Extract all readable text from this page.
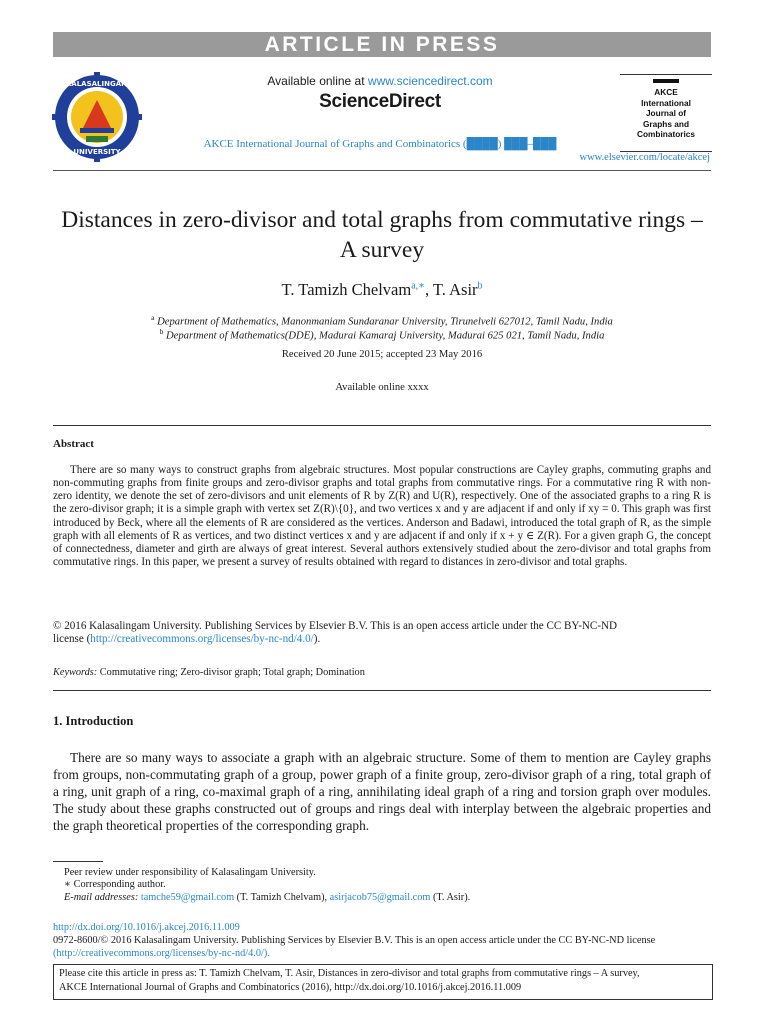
ARTICLE IN PRESS
KALASALINGAM
UNIVERSITY
Available online at www.sciencedirect.com
ScienceDirect
AKCE International Journal of Graphs and Combinatorics (████) ███–███
AKCE
International
Journal of
Graphs and
Combinatorics
www.elsevier.com/locate/akcej
Distances in zero-divisor and total graphs from commutative rings –
A survey
T. Tamizh Chelvam$^{a,∗}$, T. Asir$^b$
$^a$ Department of Mathematics, Manonmaniam Sundaranar University, Tirunelveli 627012, Tamil Nadu, India
$^b$ Department of Mathematics(DDE), Madurai Kamaraj University, Madurai 625 021, Tamil Nadu, India
Received 20 June 2015; accepted 23 May 2016
Available online xxxx
Abstract

There are so many ways to construct graphs from algebraic structures. Most popular constructions are Cayley graphs, commuting graphs and non-commuting graphs from finite groups and zero-divisor graphs and total graphs from commutative rings. For a commutative ring R with non-zero identity, we denote the set of zero-divisors and unit elements of R by Z(R) and U(R), respectively. One of the associated graphs to a ring R is the zero-divisor graph; it is a simple graph with vertex set Z(R)\{0}, and two vertices x and y are adjacent if and only if xy = 0. This graph was first introduced by Beck, where all the elements of R are considered as the vertices. Anderson and Badawi, introduced the total graph of R, as the simple graph with all elements of R as vertices, and two distinct vertices x and y are adjacent if and only if x + y ∈ Z(R). For a given graph G, the concept of connectedness, diameter and girth are always of great interest. Several authors extensively studied about the zero-divisor and total graphs from commutative rings. In this paper, we present a survey of results obtained with regard to distances in zero-divisor and total graphs.

© 2016 Kalasalingam University. Publishing Services by Elsevier B.V. This is an open access article under the CC BY-NC-ND
license (http://creativecommons.org/licenses/by-nc-nd/4.0/).
Keywords: Commutative ring; Zero-divisor graph; Total graph; Domination
1. Introduction

There are so many ways to associate a graph with an algebraic structure. Some of them to mention are Cayley graphs from groups, non-commutating graph of a group, power graph of a finite group, zero-divisor graph of a ring, total graph of a ring, unit graph of a ring, co-maximal graph of a ring, annihilating ideal graph of a ring and torsion graph over modules. The study about these graphs constructed out of groups and rings deal with interplay between the algebraic properties and the graph theoretical properties of the corresponding graph.

Peer review under responsibility of Kalasalingam University.
∗ Corresponding author.
E-mail addresses: tamche59@gmail.com (T. Tamizh Chelvam), asirjacob75@gmail.com (T. Asir).
http://dx.doi.org/10.1016/j.akcej.2016.11.009
0972-8600/© 2016 Kalasalingam University. Publishing Services by Elsevier B.V. This is an open access article under the CC BY-NC-ND license
(http://creativecommons.org/licenses/by-nc-nd/4.0/).
Please cite this article in press as: T. Tamizh Chelvam, T. Asir, Distances in zero-divisor and total graphs from commutative rings – A survey,
AKCE International Journal of Graphs and Combinatorics (2016), http://dx.doi.org/10.1016/j.akcej.2016.11.009
